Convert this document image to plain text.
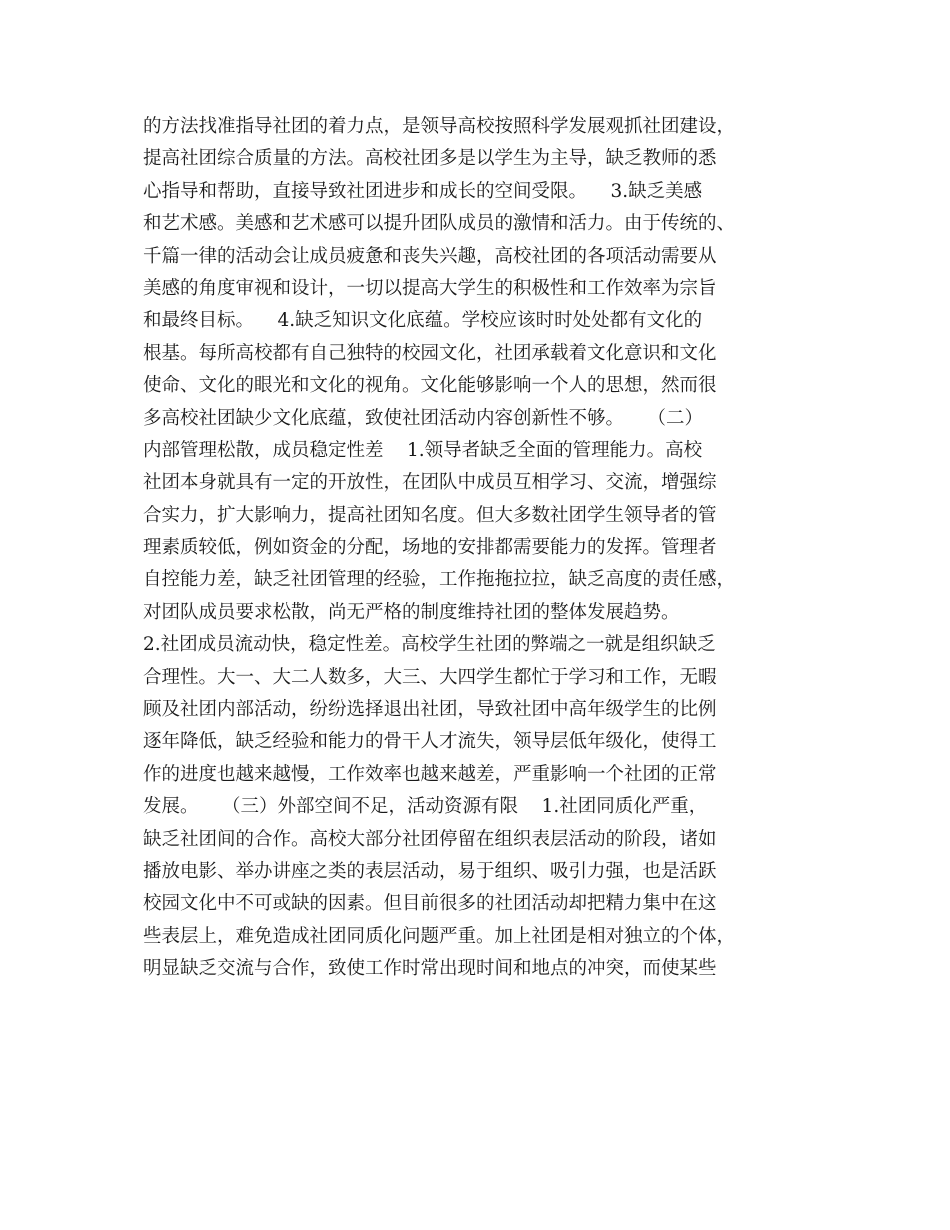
的方法找准指导社团的着力点，是领导高校按照科学发展观抓社团建设，
提高社团综合质量的方法。高校社团多是以学生为主导，缺乏教师的悉
心指导和帮助，直接导致社团进步和成长的空间受限。    3.缺乏美感
和艺术感。美感和艺术感可以提升团队成员的激情和活力。由于传统的、
千篇一律的活动会让成员疲惫和丧失兴趣，高校社团的各项活动需要从
美感的角度审视和设计，一切以提高大学生的积极性和工作效率为宗旨
和最终目标。    4.缺乏知识文化底蕴。学校应该时时处处都有文化的
根基。每所高校都有自己独特的校园文化，社团承载着文化意识和文化
使命、文化的眼光和文化的视角。文化能够影响一个人的思想，然而很
多高校社团缺少文化底蕴，致使社团活动内容创新性不够。    （二）
内部管理松散，成员稳定性差    1.领导者缺乏全面的管理能力。高校
社团本身就具有一定的开放性，在团队中成员互相学习、交流，增强综
合实力，扩大影响力，提高社团知名度。但大多数社团学生领导者的管
理素质较低，例如资金的分配，场地的安排都需要能力的发挥。管理者
自控能力差，缺乏社团管理的经验，工作拖拖拉拉，缺乏高度的责任感，
对团队成员要求松散，尚无严格的制度维持社团的整体发展趋势。
2.社团成员流动快，稳定性差。高校学生社团的弊端之一就是组织缺乏
合理性。大一、大二人数多，大三、大四学生都忙于学习和工作，无暇
顾及社团内部活动，纷纷选择退出社团，导致社团中高年级学生的比例
逐年降低，缺乏经验和能力的骨干人才流失，领导层低年级化，使得工
作的进度也越来越慢，工作效率也越来越差，严重影响一个社团的正常
发展。    （三）外部空间不足，活动资源有限    1.社团同质化严重，
缺乏社团间的合作。高校大部分社团停留在组织表层活动的阶段，诸如
播放电影、举办讲座之类的表层活动，易于组织、吸引力强，也是活跃
校园文化中不可或缺的因素。但目前很多的社团活动却把精力集中在这
些表层上，难免造成社团同质化问题严重。加上社团是相对独立的个体，
明显缺乏交流与合作，致使工作时常出现时间和地点的冲突，而使某些
